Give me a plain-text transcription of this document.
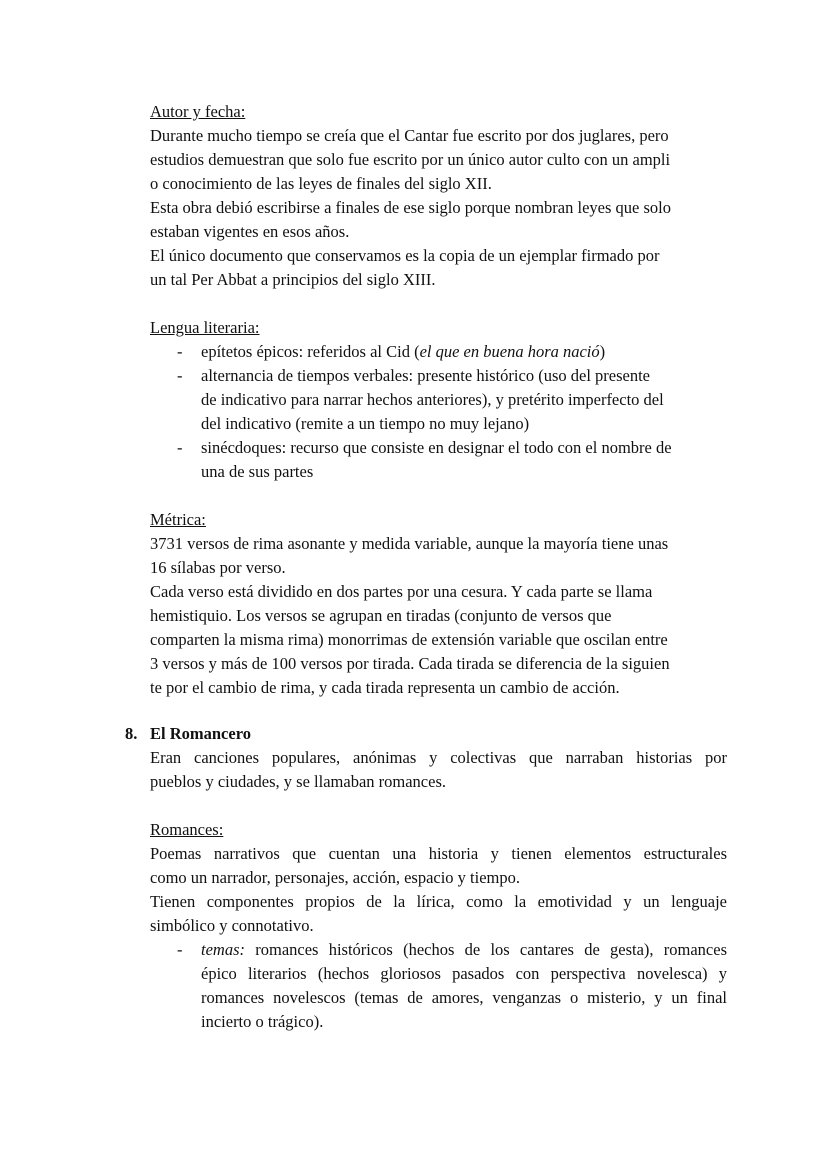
Autor y fecha:
Durante mucho tiempo se creía que el Cantar fue escrito por dos juglares, pero
estudios demuestran que solo fue escrito por un único autor culto con un ampli
o conocimiento de las leyes de finales del siglo XII.
Esta obra debió escribirse a finales de ese siglo porque nombran leyes que solo
estaban vigentes en esos años.
El único documento que conservamos es la copia de un ejemplar firmado por
un tal Per Abbat a principios del siglo XIII.
Lengua literaria:
- epítetos épicos: referidos al Cid (el que en buena hora nació)
- alternancia de tiempos verbales: presente histórico (uso del presente
de indicativo para narrar hechos anteriores), y pretérito imperfecto del
del indicativo (remite a un tiempo no muy lejano)
- sinécdoques: recurso que consiste en designar el todo con el nombre de
una de sus partes
Métrica:
3731 versos de rima asonante y medida variable, aunque la mayoría tiene unas
16 sílabas por verso.
Cada verso está dividido en dos partes por una cesura. Y cada parte se llama
hemistiquio. Los versos se agrupan en tiradas (conjunto de versos que
comparten la misma rima) monorrimas de extensión variable que oscilan entre
3 versos y más de 100 versos por tirada. Cada tirada se diferencia de la siguien
te por el cambio de rima, y cada tirada representa un cambio de acción.
8. El Romancero
Eran canciones populares, anónimas y colectivas que narraban historias por
pueblos y ciudades, y se llamaban romances.
Romances:
Poemas narrativos que cuentan una historia y tienen elementos estructurales
como un narrador, personajes, acción, espacio y tiempo.
Tienen componentes propios de la lírica, como la emotividad y un lenguaje
simbólico y connotativo.
- temas: romances históricos (hechos de los cantares de gesta), romances
épico literarios (hechos gloriosos pasados con perspectiva novelesca) y
romances novelescos (temas de amores, venganzas o misterio, y un final
incierto o trágico).
